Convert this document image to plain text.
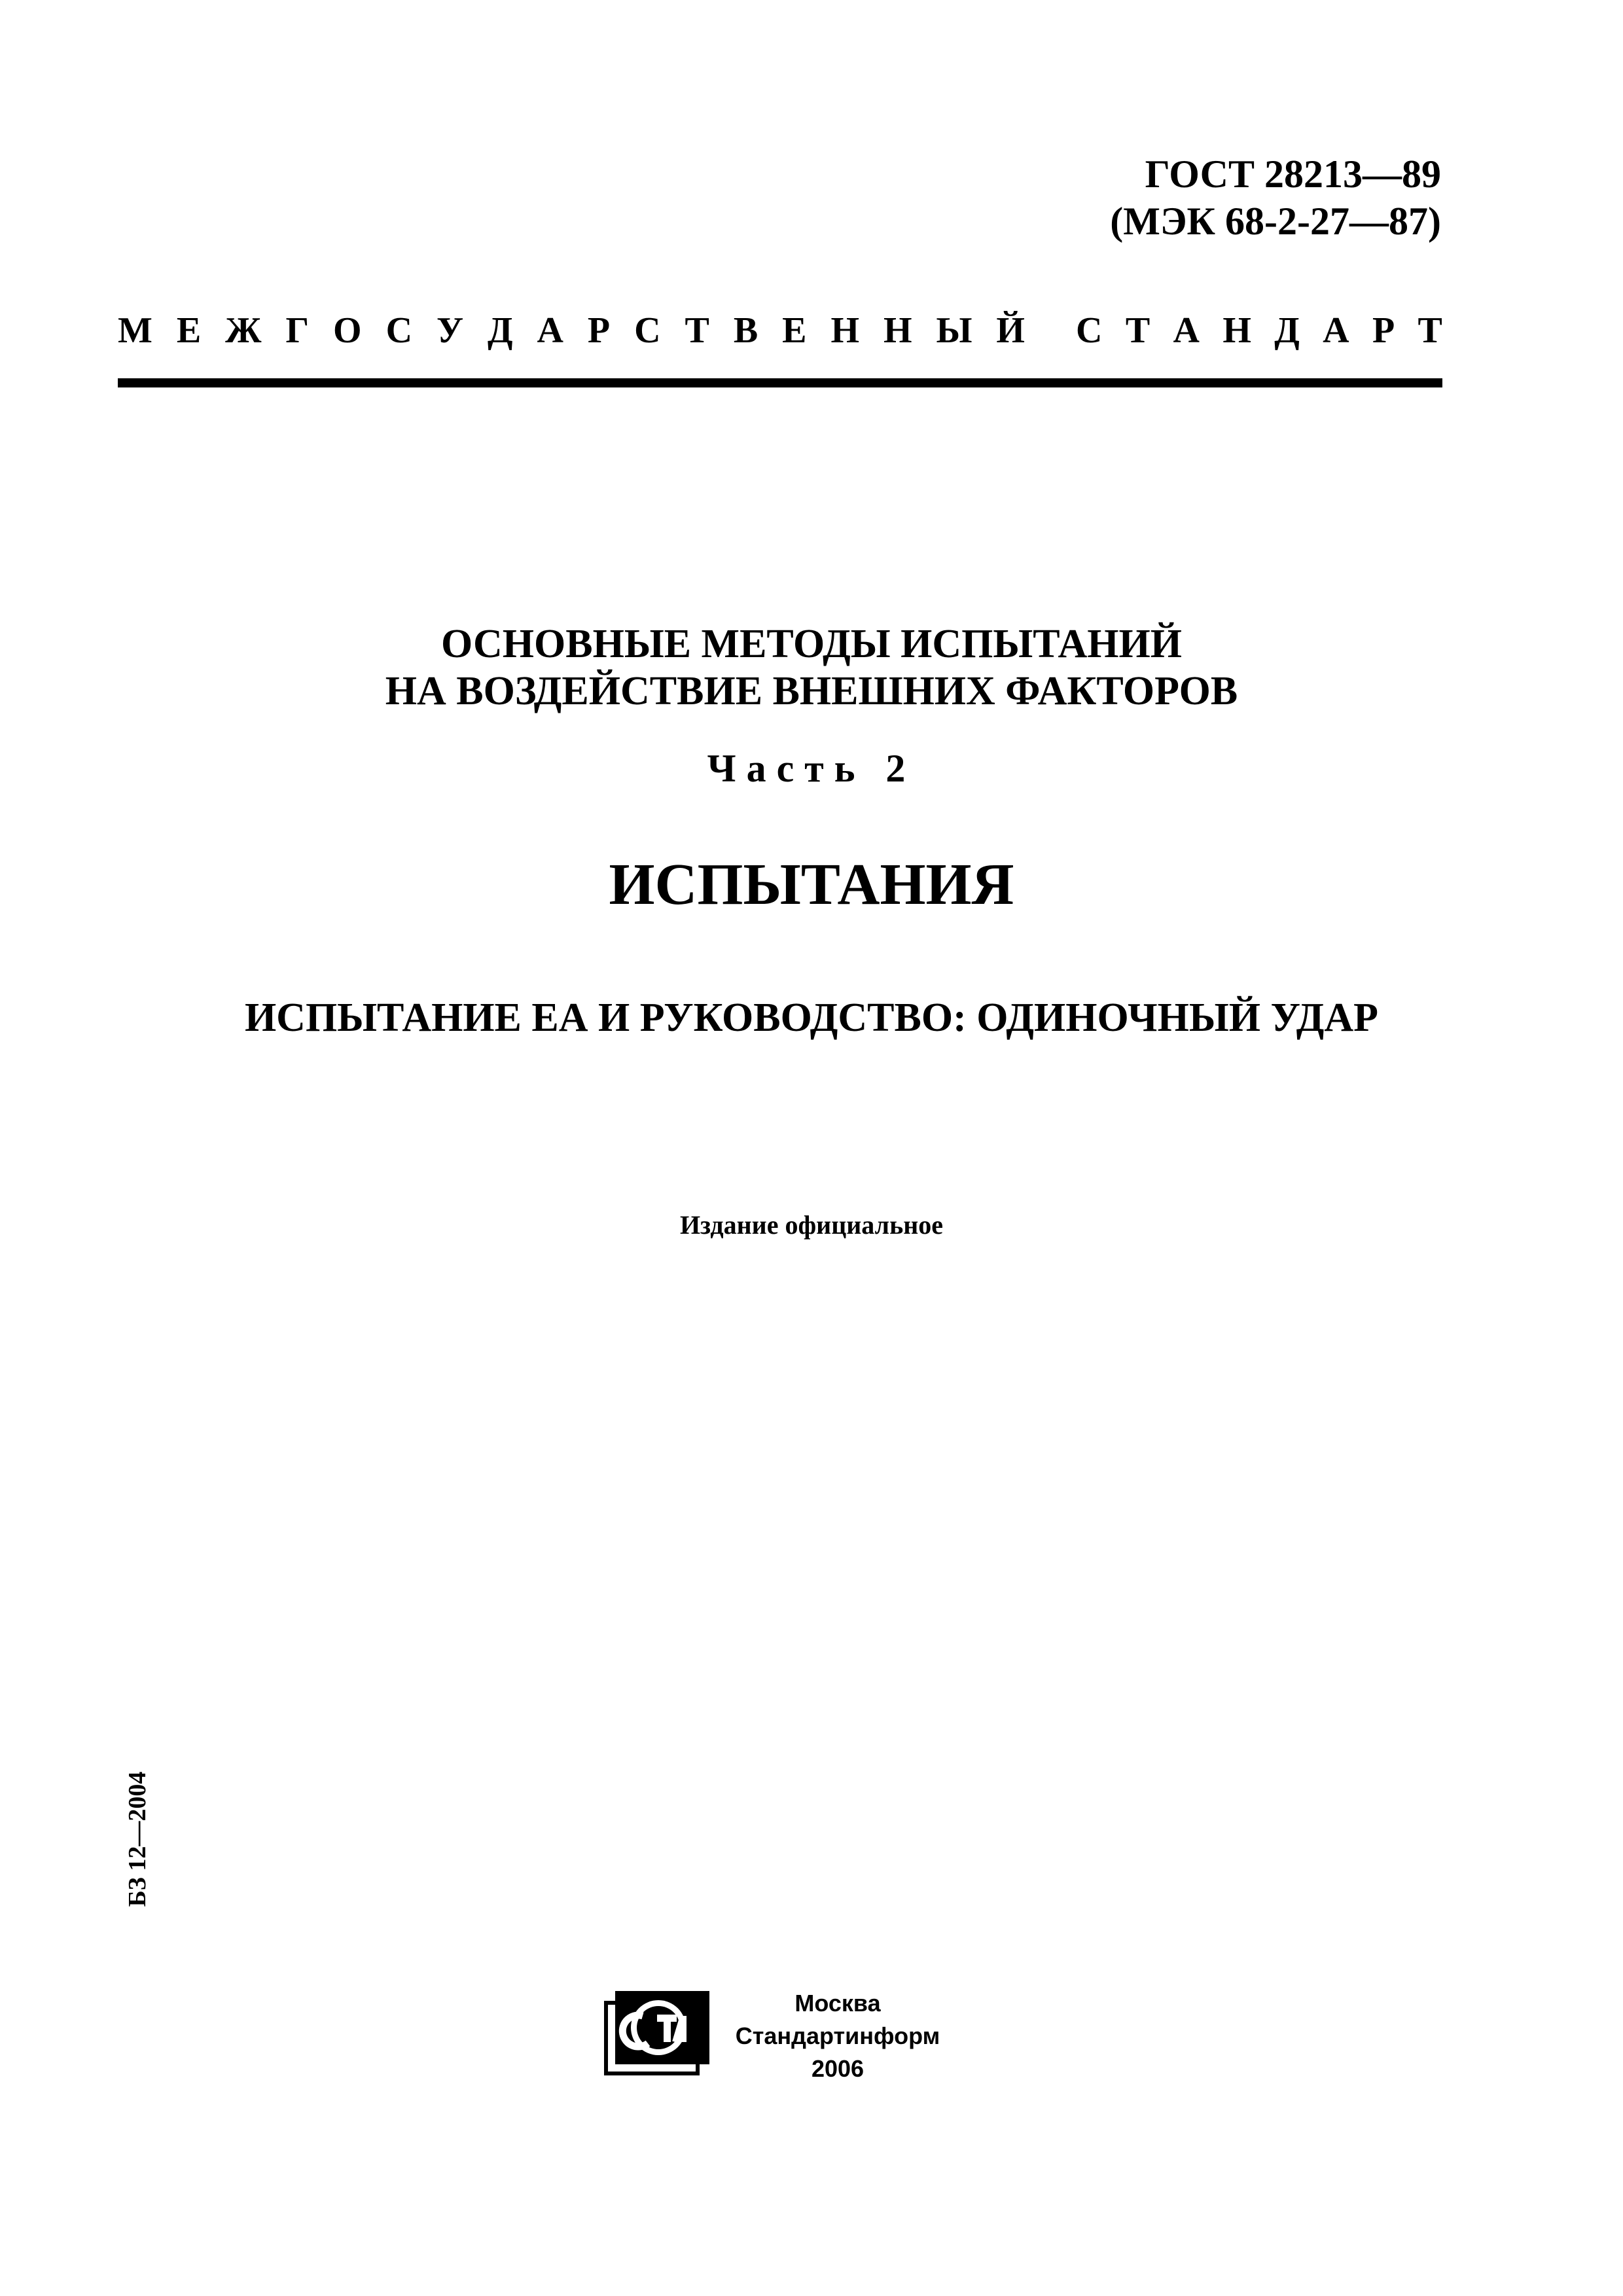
ГОСТ 28213—89
(МЭК 68-2-27—87)
М Е Ж Г О С У Д А Р С Т В Е Н Н Ы Й С Т А Н Д А Р Т
ОСНОВНЫЕ МЕТОДЫ ИСПЫТАНИЙ
НА ВОЗДЕЙСТВИЕ ВНЕШНИХ ФАКТОРОВ
Часть 2
ИСПЫТАНИЯ
ИСПЫТАНИЕ ЕА И РУКОВОДСТВО: ОДИНОЧНЫЙ УДАР
Издание официальное
БЗ 12—2004
Москва
Стандартинформ
2006
